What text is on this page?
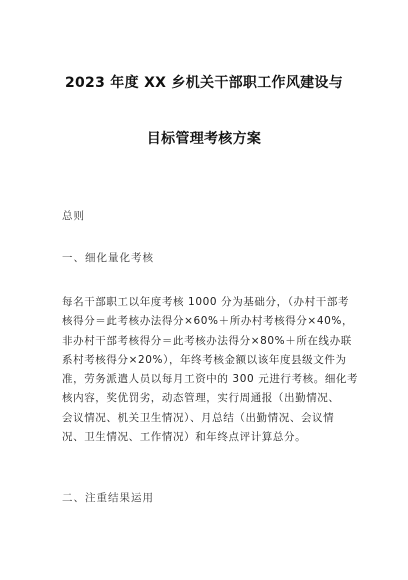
2023 年度 XX 乡机关干部职工作风建设与
目标管理考核方案
总则
一、细化量化考核
每名干部职工以年度考核 1000 分为基础分，（办村干部考
核得分＝此考核办法得分×60%＋所办村考核得分×40%，
非办村干部考核得分＝此考核办法得分×80%＋所在线办联
系村考核得分×20%），年终考核金额以该年度县级文件为
准，劳务派遣人员以每月工资中的 300 元进行考核。细化考
核内容，奖优罚劣，动态管理，实行周通报（出勤情况、
会议情况、机关卫生情况）、月总结（出勤情况、会议情
况、卫生情况、工作情况）和年终点评计算总分。
二、注重结果运用
